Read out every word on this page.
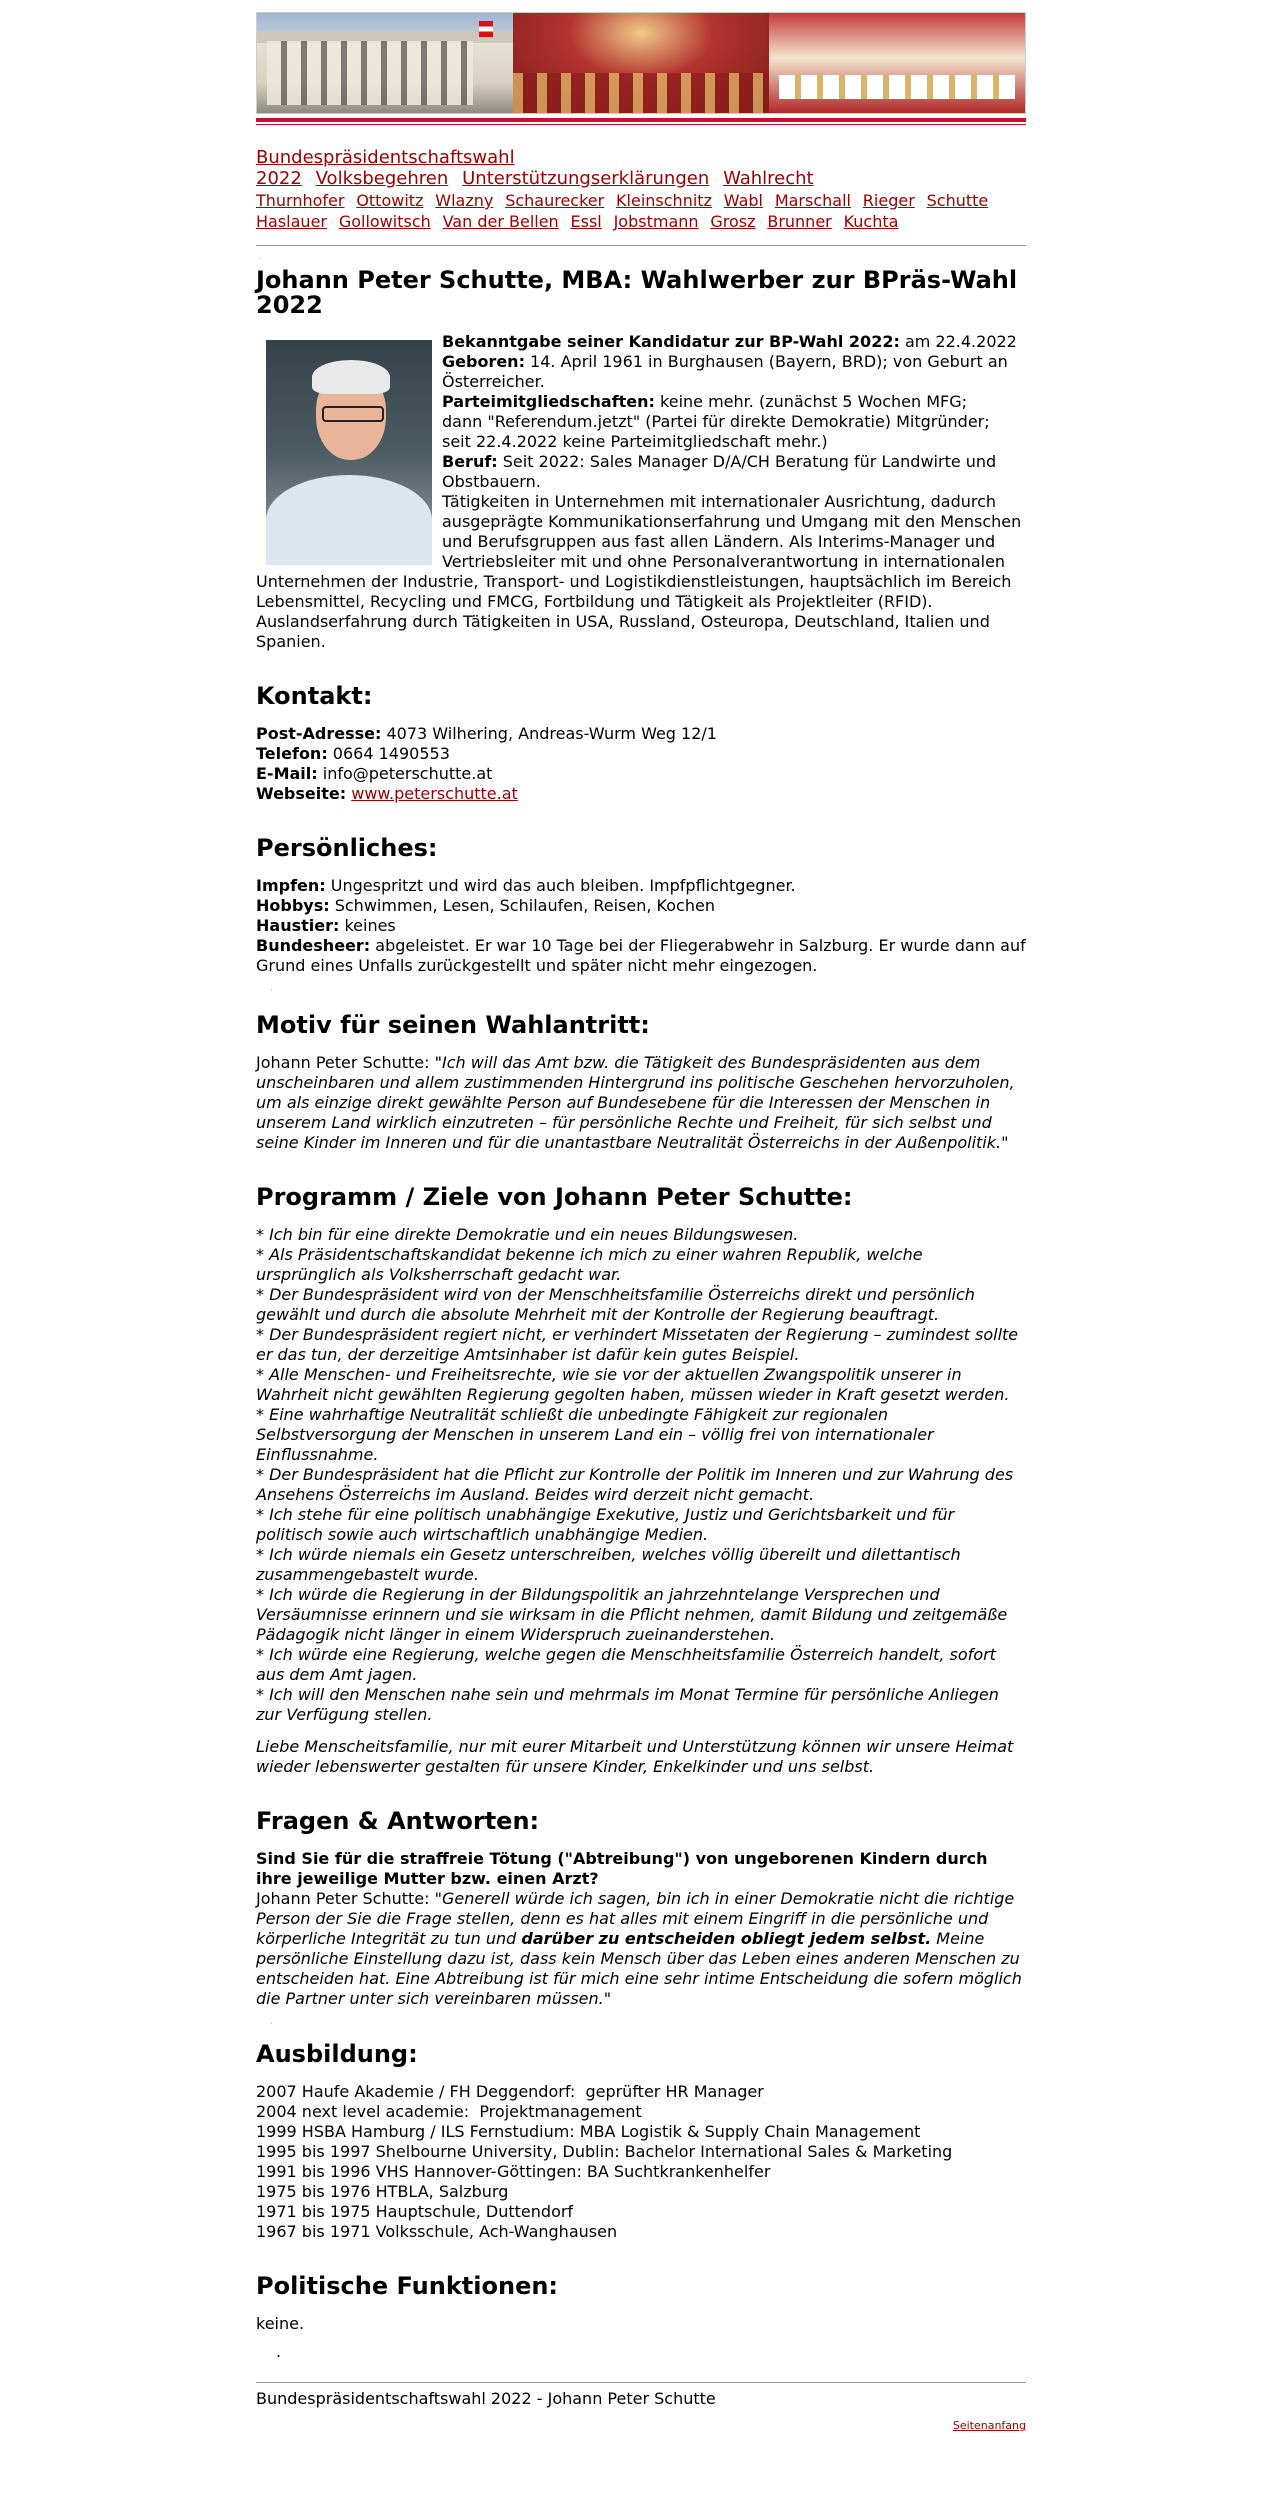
Bundespräsidentschaftswahl 2022 · Volksbegehren · Unterstützungserklärungen · Wahlrecht
Thurnhofer · Ottowitz · Wlazny · Schaurecker · Kleinschnitz · Wabl · Marschall · Rieger · Schutte
Haslauer · Gollowitsch · Van der Bellen · Essl · Jobstmann · Grosz · Brunner · Kuchta
·
Johann Peter Schutte, MBA: Wahlwerber zur BPräs-Wahl 2022
Bekanntgabe seiner Kandidatur zur BP-Wahl 2022: am 22.4.2022
Geboren: 14. April 1961 in Burghausen (Bayern, BRD); von Geburt an Österreicher.
Parteimitgliedschaften: keine mehr. (zunächst 5 Wochen MFG;
dann "Referendum.jetzt" (Partei für direkte Demokratie) Mitgründer;
seit 22.4.2022 keine Parteimitgliedschaft mehr.)
Beruf: Seit 2022: Sales Manager D/A/CH Beratung für Landwirte und Obstbauern.
Tätigkeiten in Unternehmen mit internationaler Ausrichtung, dadurch ausgeprägte Kommunikationserfahrung und Umgang mit den Menschen und Berufsgruppen aus fast allen Ländern. Als Interims-Manager und Vertriebsleiter mit und ohne Personalverantwortung in internationalen Unternehmen der Industrie, Transport- und Logistikdienstleistungen, hauptsächlich im Bereich Lebensmittel, Recycling und FMCG, Fortbildung und Tätigkeit als Projektleiter (RFID). Auslandserfahrung durch Tätigkeiten in USA, Russland, Osteuropa, Deutschland, Italien und Spanien.
Kontakt:
Post-Adresse: 4073 Wilhering, Andreas-Wurm Weg 12/1
Telefon: 0664 1490553
E-Mail: info@peterschutte.at
Webseite: www.peterschutte.at
Persönliches:
Impfen: Ungespritzt und wird das auch bleiben. Impfpflichtgegner.
Hobbys: Schwimmen, Lesen, Schilaufen, Reisen, Kochen
Haustier: keines
Bundesheer: abgeleistet. Er war 10 Tage bei der Fliegerabwehr in Salzburg. Er wurde dann auf Grund eines Unfalls zurückgestellt und später nicht mehr eingezogen.
·
Motiv für seinen Wahlantritt:

Johann Peter Schutte: "Ich will das Amt bzw. die Tätigkeit des Bundespräsidenten aus dem unscheinbaren und allem zustimmenden Hintergrund ins politische Geschehen hervorzuholen, um als einzige direkt gewählte Person auf Bundesebene für die Interessen der Menschen in unserem Land wirklich einzutreten – für persönliche Rechte und Freiheit, für sich selbst und seine Kinder im Inneren und für die unantastbare Neutralität Österreichs in der Außenpolitik."

Programm / Ziele von Johann Peter Schutte:
* Ich bin für eine direkte Demokratie und ein neues Bildungswesen.
* Als Präsidentschaftskandidat bekenne ich mich zu einer wahren Republik, welche ursprünglich als Volksherrschaft gedacht war.
* Der Bundespräsident wird von der Menschheitsfamilie Österreichs direkt und persönlich gewählt und durch die absolute Mehrheit mit der Kontrolle der Regierung beauftragt.
* Der Bundespräsident regiert nicht, er verhindert Missetaten der Regierung – zumindest sollte er das tun, der derzeitige Amtsinhaber ist dafür kein gutes Beispiel.
* Alle Menschen- und Freiheitsrechte, wie sie vor der aktuellen Zwangspolitik unserer in Wahrheit nicht gewählten Regierung gegolten haben, müssen wieder in Kraft gesetzt werden.
* Eine wahrhaftige Neutralität schließt die unbedingte Fähigkeit zur regionalen Selbstversorgung der Menschen in unserem Land ein – völlig frei von internationaler Einflussnahme.
* Der Bundespräsident hat die Pflicht zur Kontrolle der Politik im Inneren und zur Wahrung des Ansehens Österreichs im Ausland. Beides wird derzeit nicht gemacht.
* Ich stehe für eine politisch unabhängige Exekutive, Justiz und Gerichtsbarkeit und für politisch sowie auch wirtschaftlich unabhängige Medien.
* Ich würde niemals ein Gesetz unterschreiben, welches völlig übereilt und dilettantisch zusammengebastelt wurde.
* Ich würde die Regierung in der Bildungspolitik an jahrzehntelange Versprechen und Versäumnisse erinnern und sie wirksam in die Pflicht nehmen, damit Bildung und zeitgemäße Pädagogik nicht länger in einem Widerspruch zueinanderstehen.
* Ich würde eine Regierung, welche gegen die Menschheitsfamilie Österreich handelt, sofort aus dem Amt jagen.
* Ich will den Menschen nahe sein und mehrmals im Monat Termine für persönliche Anliegen zur Verfügung stellen.

Liebe Menscheitsfamilie, nur mit eurer Mitarbeit und Unterstützung können wir unsere Heimat wieder lebenswerter gestalten für unsere Kinder, Enkelkinder und uns selbst.

Fragen & Antworten:
Sind Sie für die straffreie Tötung ("Abtreibung") von ungeborenen Kindern durch ihre jeweilige Mutter bzw. einen Arzt?
Johann Peter Schutte: "Generell würde ich sagen, bin ich in einer Demokratie nicht die richtige Person der Sie die Frage stellen, denn es hat alles mit einem Eingriff in die persönliche und körperliche Integrität zu tun und darüber zu entscheiden obliegt jedem selbst. Meine persönliche Einstellung dazu ist, dass kein Mensch über das Leben eines anderen Menschen zu entscheiden hat. Eine Abtreibung ist für mich eine sehr intime Entscheidung die sofern möglich die Partner unter sich vereinbaren müssen."
·
Ausbildung:
2007 Haufe Akademie / FH Deggendorf:  geprüfter HR Manager
2004 next level academie:  Projektmanagement
1999 HSBA Hamburg / ILS Fernstudium: MBA Logistik & Supply Chain Management
1995 bis 1997 Shelbourne University, Dublin: Bachelor International Sales & Marketing
1991 bis 1996 VHS Hannover-Göttingen: BA Suchtkrankenhelfer
1975 bis 1976 HTBLA, Salzburg
1971 bis 1975 Hauptschule, Duttendorf
1967 bis 1971 Volksschule, Ach-Wanghausen
Politische Funktionen:

keine.

.
Bundespräsidentschaftswahl 2022 - Johann Peter Schutte
Seitenanfang
